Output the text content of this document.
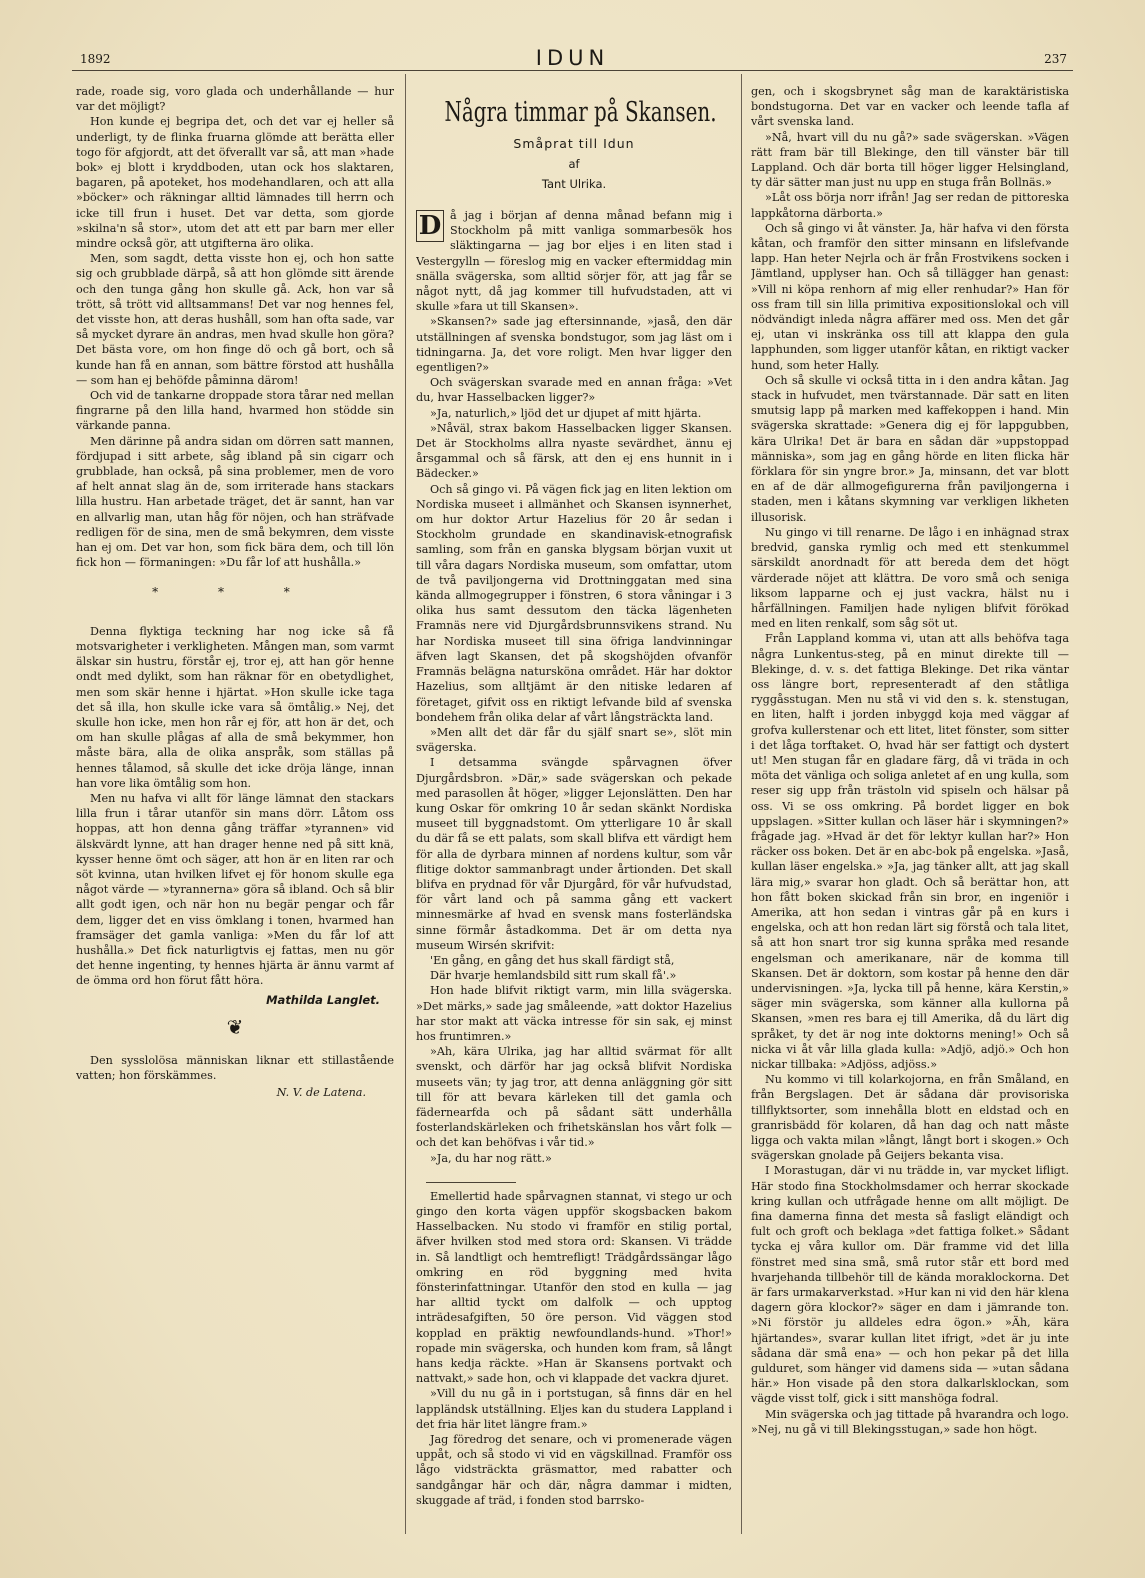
1892	IDUN	237

rade, roade sig, voro glada och underhållande — hur var det möjligt?

Hon kunde ej begripa det, och det var ej heller så underligt, ty de flinka fruarna glömde att berätta eller togo för afgjordt, att det öfverallt var så, att man »hade bok» ej blott i kryddboden, utan ock hos slaktaren, bagaren, på apoteket, hos modehandlaren, och att alla »böcker» och räkningar alltid lämnades till herrn och icke till frun i huset. Det var detta, som gjorde »skilna'n så stor», utom det att ett par barn mer eller mindre också gör, att utgifterna äro olika.

Men, som sagdt, detta visste hon ej, och hon satte sig och grubblade därpå, så att hon glömde sitt ärende och den tunga gång hon skulle gå. Ack, hon var så trött, så trött vid alltsammans! Det var nog hennes fel, det visste hon, att deras hushåll, som han ofta sade, var så mycket dyrare än andras, men hvad skulle hon göra? Det bästa vore, om hon finge dö och gå bort, och så kunde han få en annan, som bättre förstod att hushålla — som han ej behöfde påminna därom!

Och vid de tankarne droppade stora tårar ned mellan fingrarne på den lilla hand, hvarmed hon stödde sin värkande panna.

Men därinne på andra sidan om dörren satt mannen, fördjupad i sitt arbete, såg ibland på sin cigarr och grubblade, han också, på sina problemer, men de voro af helt annat slag än de, som irriterade hans stackars lilla hustru. Han arbetade träget, det är sannt, han var en allvarlig man, utan håg för nöjen, och han sträfvade redligen för de sina, men de små bekymren, dem visste han ej om. Det var hon, som fick bära dem, och till lön fick hon — förmaningen: »Du får lof att hushålla.»

* * *

Denna flyktiga teckning har nog icke så få motsvarigheter i verkligheten. Mången man, som varmt älskar sin hustru, förstår ej, tror ej, att han gör henne ondt med dylikt, som han räknar för en obetydlighet, men som skär henne i hjärtat. »Hon skulle icke taga det så illa, hon skulle icke vara så ömtålig.» Nej, det skulle hon icke, men hon rår ej för, att hon är det, och om han skulle plågas af alla de små bekymmer, hon måste bära, alla de olika anspråk, som ställas på hennes tålamod, så skulle det icke dröja länge, innan han vore lika ömtålig som hon.

Men nu hafva vi allt för länge lämnat den stackars lilla frun i tårar utanför sin mans dörr. Låtom oss hoppas, att hon denna gång träffar »tyrannen» vid älskvärdt lynne, att han drager henne ned på sitt knä, kysser henne ömt och säger, att hon är en liten rar och söt kvinna, utan hvilken lifvet ej för honom skulle ega något värde — »tyrannerna» göra så ibland. Och så blir allt godt igen, och när hon nu begär pengar och får dem, ligger det en viss ömklang i tonen, hvarmed han framsäger det gamla vanliga: »Men du får lof att hushålla.» Det fick naturligtvis ej fattas, men nu gör det henne ingenting, ty hennes hjärta är ännu varmt af de ömma ord hon förut fått höra.

Mathilda Langlet.
❦

Den sysslolösa människan liknar ett stillastående vatten; hon förskämmes.

N. V. de Latena.
Några timmar på Skansen.
Småprat till Idun
af
Tant Ulrika.

D å jag i början af denna månad befann mig i Stockholm på mitt vanliga sommarbesök hos släktingarna — jag bor eljes i en liten stad i Vestergylln — föreslog mig en vacker eftermiddag min snälla svägerska, som alltid sörjer för, att jag får se något nytt, då jag kommer till hufvudstaden, att vi skulle »fara ut till Skansen».

»Skansen?» sade jag eftersinnande, »jaså, den där utställningen af svenska bondstugor, som jag läst om i tidningarna. Ja, det vore roligt. Men hvar ligger den egentligen?»

Och svägerskan svarade med en annan fråga: »Vet du, hvar Hasselbacken ligger?»

»Ja, naturlich,» ljöd det ur djupet af mitt hjärta.

»Nåväl, strax bakom Hasselbacken ligger Skansen. Det är Stockholms allra nyaste sevärdhet, ännu ej årsgammal och så färsk, att den ej ens hunnit in i Bädecker.»

Och så gingo vi. På vägen fick jag en liten lektion om Nordiska museet i allmänhet och Skansen isynnerhet, om hur doktor Artur Hazelius för 20 år sedan i Stockholm grundade en skandinavisk-etnografisk samling, som från en ganska blygsam början vuxit ut till våra dagars Nordiska museum, som omfattar, utom de två paviljongerna vid Drottninggatan med sina kända allmogegrupper i fönstren, 6 stora våningar i 3 olika hus samt dessutom den täcka lägenheten Framnäs nere vid Djurgårdsbrunnsvikens strand. Nu har Nordiska museet till sina öfriga landvinningar äfven lagt Skansen, det på skogshöjden ofvanför Framnäs belägna natursköna området. Här har doktor Hazelius, som alltjämt är den nitiske ledaren af företaget, gifvit oss en riktigt lefvande bild af svenska bondehem från olika delar af vårt långsträckta land.

»Men allt det där får du själf snart se», slöt min svägerska.

I detsamma svängde spårvagnen öfver Djurgårdsbron. »Där,» sade svägerskan och pekade med parasollen åt höger, »ligger Lejonslätten. Den har kung Oskar för omkring 10 år sedan skänkt Nordiska museet till byggnadstomt. Om ytterligare 10 år skall du där få se ett palats, som skall blifva ett värdigt hem för alla de dyrbara minnen af nordens kultur, som vår flitige doktor sammanbragt under årtionden. Det skall blifva en prydnad för vår Djurgård, för vår hufvudstad, för vårt land och på samma gång ett vackert minnesmärke af hvad en svensk mans fosterländska sinne förmår åstadkomma. Det är om detta nya museum Wirsén skrifvit:

'En gång, en gång det hus skall färdigt stå,

Där hvarje hemlandsbild sitt rum skall få'.»

Hon hade blifvit riktigt varm, min lilla svägerska. »Det märks,» sade jag småleende, »att doktor Hazelius har stor makt att väcka intresse för sin sak, ej minst hos fruntimren.»

»Ah, kära Ulrika, jag har alltid svärmat för allt svenskt, och därför har jag också blifvit Nordiska museets vän; ty jag tror, att denna anläggning gör sitt till för att bevara kärleken till det gamla och fädernearfda och på sådant sätt underhålla fosterlandskärleken och frihetskänslan hos vårt folk — och det kan behöfvas i vår tid.»

»Ja, du har nog rätt.»

Emellertid hade spårvagnen stannat, vi stego ur och gingo den korta vägen uppför skogsbacken bakom Hasselbacken. Nu stodo vi framför en stilig portal, äfver hvilken stod med stora ord: Skansen. Vi trädde in. Så landtligt och hemtrefligt! Trädgårdssängar lågo omkring en röd byggning med hvita fönsterinfattningar. Utanför den stod en kulla — jag har alltid tyckt om dalfolk — och upptog inträdesafgiften, 50 öre person. Vid väggen stod kopplad en präktig newfoundlands-hund. »Thor!» ropade min svägerska, och hunden kom fram, så långt hans kedja räckte. »Han är Skansens portvakt och nattvakt,» sade hon, och vi klappade det vackra djuret.

»Vill du nu gå in i portstugan, så finns där en hel lappländsk utställning. Eljes kan du studera Lappland i det fria här litet längre fram.»

Jag föredrog det senare, och vi promenerade vägen uppåt, och så stodo vi vid en vägskillnad. Framför oss lågo vidsträckta gräsmattor, med rabatter och sandgångar här och där, några dammar i midten, skuggade af träd, i fonden stod barrsko-

gen, och i skogsbrynet såg man de karaktäristiska bondstugorna. Det var en vacker och leende tafla af vårt svenska land.

»Nå, hvart vill du nu gå?» sade svägerskan. »Vägen rätt fram bär till Blekinge, den till vänster bär till Lappland. Och där borta till höger ligger Helsingland, ty där sätter man just nu upp en stuga från Bollnäs.»

»Låt oss börja norr ifrån! Jag ser redan de pittoreska lappkåtorna därborta.»

Och så gingo vi åt vänster. Ja, här hafva vi den första kåtan, och framför den sitter minsann en lifslefvande lapp. Han heter Nejrla och är från Frostvikens socken i Jämtland, upplyser han. Och så tillägger han genast: »Vill ni köpa renhorn af mig eller renhudar?» Han för oss fram till sin lilla primitiva expositionslokal och vill nödvändigt inleda några affärer med oss. Men det går ej, utan vi inskränka oss till att klappa den gula lapphunden, som ligger utanför kåtan, en riktigt vacker hund, som heter Hally.

Och så skulle vi också titta in i den andra kåtan. Jag stack in hufvudet, men tvärstannade. Där satt en liten smutsig lapp på marken med kaffekoppen i hand. Min svägerska skrattade: »Genera dig ej för lappgubben, kära Ulrika! Det är bara en sådan där »uppstoppad människa», som jag en gång hörde en liten flicka här förklara för sin yngre bror.» Ja, minsann, det var blott en af de där allmogefigurerna från paviljongerna i staden, men i kåtans skymning var verkligen likheten illusorisk.

Nu gingo vi till renarne. De lågo i en inhägnad strax bredvid, ganska rymlig och med ett stenkummel särskildt anordnadt för att bereda dem det högt värderade nöjet att klättra. De voro små och seniga liksom lapparne och ej just vackra, hälst nu i hårfällningen. Familjen hade nyligen blifvit förökad med en liten renkalf, som såg söt ut.

Från Lappland komma vi, utan att alls behöfva taga några Lunkentus-steg, på en minut direkte till — Blekinge, d. v. s. det fattiga Blekinge. Det rika väntar oss längre bort, representeradt af den ståtliga ryggåsstugan. Men nu stå vi vid den s. k. stenstugan, en liten, halft i jorden inbyggd koja med väggar af grofva kullerstenar och ett litet, litet fönster, som sitter i det låga torftaket. O, hvad här ser fattigt och dystert ut! Men stugan får en gladare färg, då vi träda in och möta det vänliga och soliga anletet af en ung kulla, som reser sig upp från trästoln vid spiseln och hälsar på oss. Vi se oss omkring. På bordet ligger en bok uppslagen. »Sitter kullan och läser här i skymningen?» frågade jag. »Hvad är det för lektyr kullan har?» Hon räcker oss boken. Det är en abc-bok på engelska. »Jaså, kullan läser engelska.» »Ja, jag tänker allt, att jag skall lära mig,» svarar hon gladt. Och så berättar hon, att hon fått boken skickad från sin bror, en ingeniör i Amerika, att hon sedan i vintras går på en kurs i engelska, och att hon redan lärt sig förstå och tala litet, så att hon snart tror sig kunna språka med resande engelsman och amerikanare, när de komma till Skansen. Det är doktorn, som kostar på henne den där undervisningen. »Ja, lycka till på henne, kära Kerstin,» säger min svägerska, som känner alla kullorna på Skansen, »men res bara ej till Amerika, då du lärt dig språket, ty det är nog inte doktorns mening!» Och så nicka vi åt vår lilla glada kulla: »Adjö, adjö.» Och hon nickar tillbaka: »Adjöss, adjöss.»

Nu kommo vi till kolarkojorna, en från Småland, en från Bergslagen. Det är sådana där provisoriska tillflyktsorter, som innehålla blott en eldstad och en granrisbädd för kolaren, då han dag och natt måste ligga och vakta milan »långt, långt bort i skogen.» Och svägerskan gnolade på Geijers bekanta visa.

I Morastugan, där vi nu trädde in, var mycket lifligt. Här stodo fina Stockholmsdamer och herrar skockade kring kullan och utfrågade henne om allt möjligt. De fina damerna finna det mesta så fasligt eländigt och fult och groft och beklaga »det fattiga folket.» Sådant tycka ej våra kullor om. Där framme vid det lilla fönstret med sina små, små rutor står ett bord med hvarjehanda tillbehör till de kända moraklockorna. Det är fars urmakarverkstad. »Hur kan ni vid den här klena dagern göra klockor?» säger en dam i jämrande ton. »Ni förstör ju alldeles edra ögon.» »Äh, kära hjärtandes», svarar kullan litet ifrigt, »det är ju inte sådana där små ena» — och hon pekar på det lilla gulduret, som hänger vid damens sida — »utan sådana här.» Hon visade på den stora dalkarlsklockan, som vägde visst tolf, gick i sitt manshöga fodral.

Min svägerska och jag tittade på hvarandra och logo. »Nej, nu gå vi till Blekingsstugan,» sade hon högt.
